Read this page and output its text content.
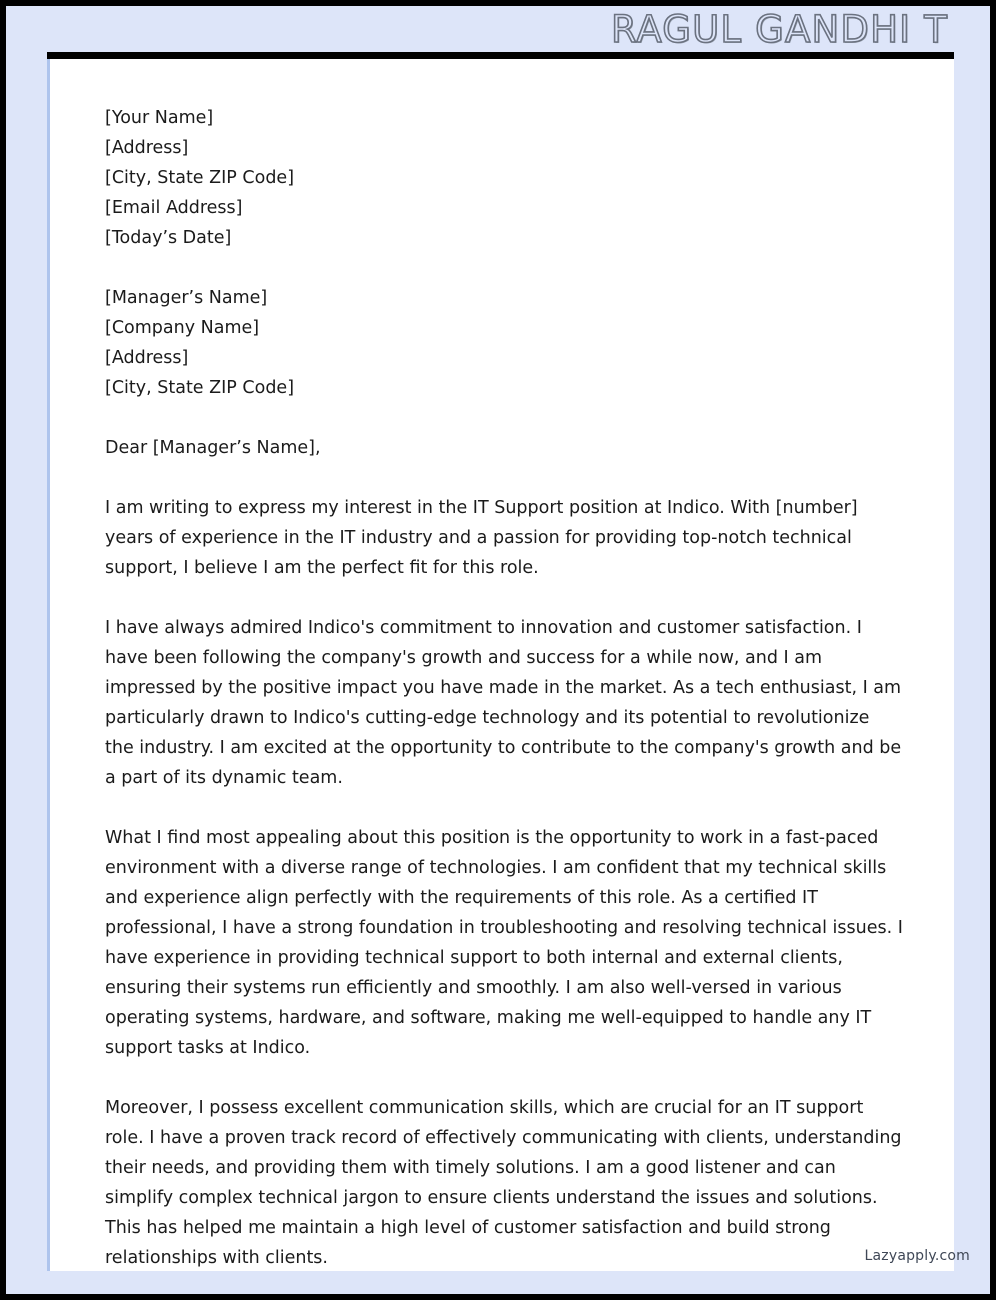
RAGUL GANDHI T
[Your Name]
[Address]
[City, State ZIP Code]
[Email Address]
[Today’s Date]
[Manager’s Name]
[Company Name]
[Address]
[City, State ZIP Code]

Dear [Manager’s Name],

I am writing to express my interest in the IT Support position at Indico. With [number] years of experience in the IT industry and a passion for providing top-notch technical support, I believe I am the perfect fit for this role.

I have always admired Indico's commitment to innovation and customer satisfaction. I have been following the company's growth and success for a while now, and I am impressed by the positive impact you have made in the market. As a tech enthusiast, I am particularly drawn to Indico's cutting-edge technology and its potential to revolutionize the industry. I am excited at the opportunity to contribute to the company's growth and be a part of its dynamic team.

What I find most appealing about this position is the opportunity to work in a fast-paced environment with a diverse range of technologies. I am confident that my technical skills and experience align perfectly with the requirements of this role. As a certified IT professional, I have a strong foundation in troubleshooting and resolving technical issues. I have experience in providing technical support to both internal and external clients, ensuring their systems run efficiently and smoothly. I am also well-versed in various operating systems, hardware, and software, making me well-equipped to handle any IT support tasks at Indico.

Moreover, I possess excellent communication skills, which are crucial for an IT support role. I have a proven track record of effectively communicating with clients, understanding their needs, and providing them with timely solutions. I am a good listener and can simplify complex technical jargon to ensure clients understand the issues and solutions. This has helped me maintain a high level of customer satisfaction and build strong relationships with clients.	Lazyapply.com
